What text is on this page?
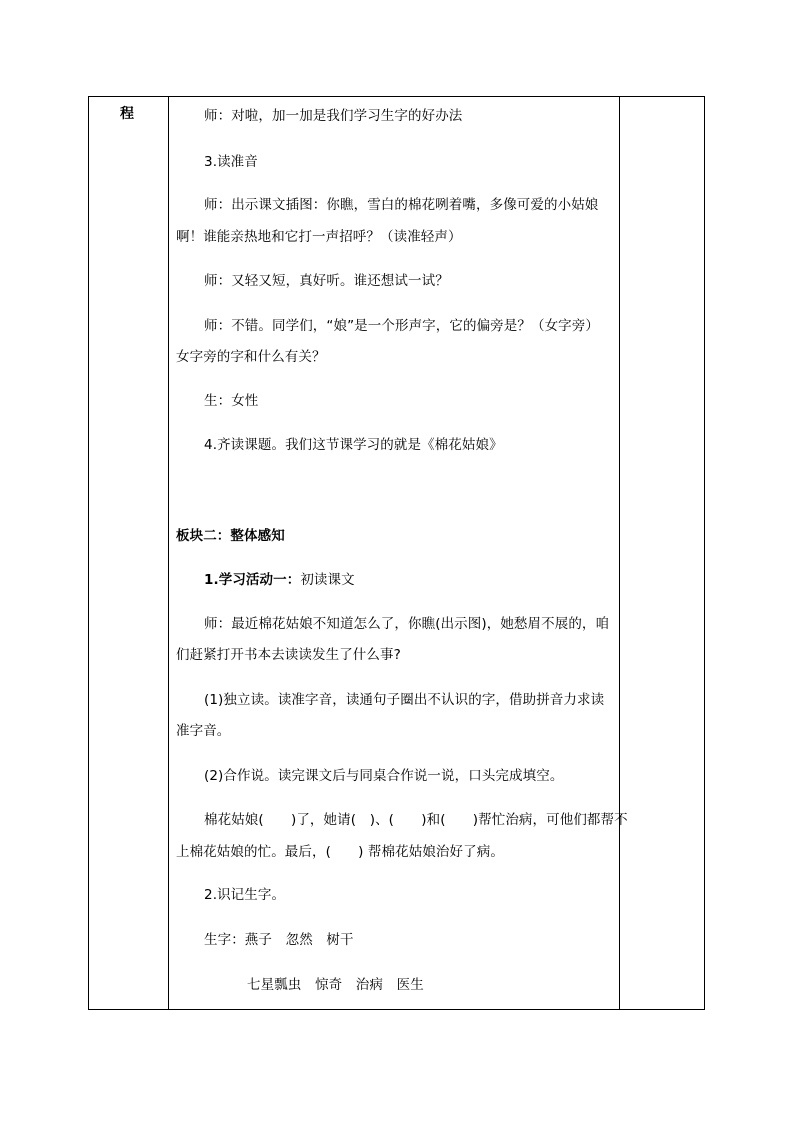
程	师：对啦，加一加是我们学习生字的好办法
3.读准音
师：出示课文插图：你瞧，雪白的棉花咧着嘴，多像可爱的小姑娘
啊！谁能亲热地和它打一声招呼？（读准轻声）
师：又轻又短，真好听。谁还想试一试？
师：不错。同学们，“娘”是一个形声字，它的偏旁是？（女字旁）
女字旁的字和什么有关？
生：女性
4.齐读课题。我们这节课学习的就是《棉花姑娘》
板块二：整体感知
1.学习活动一：初读课文
师：最近棉花姑娘不知道怎么了，你瞧(出示图)，她愁眉不展的，咱
们赶紧打开书本去读读发生了什么事?
(1)独立读。读准字音，读通句子圈出不认识的字，借助拼音力求读
准字音。
(2)合作说。读完课文后与同桌合作说一说，口头完成填空。
棉花姑娘(　　)了，她请(　)、(　　)和(　　)帮忙治病，可他们都帮不
上棉花姑娘的忙。最后，(　　) 帮棉花姑娘治好了病。
2.识记生字。
生字：燕子　忽然　树干
七星瓢虫　惊奇　治病　医生
